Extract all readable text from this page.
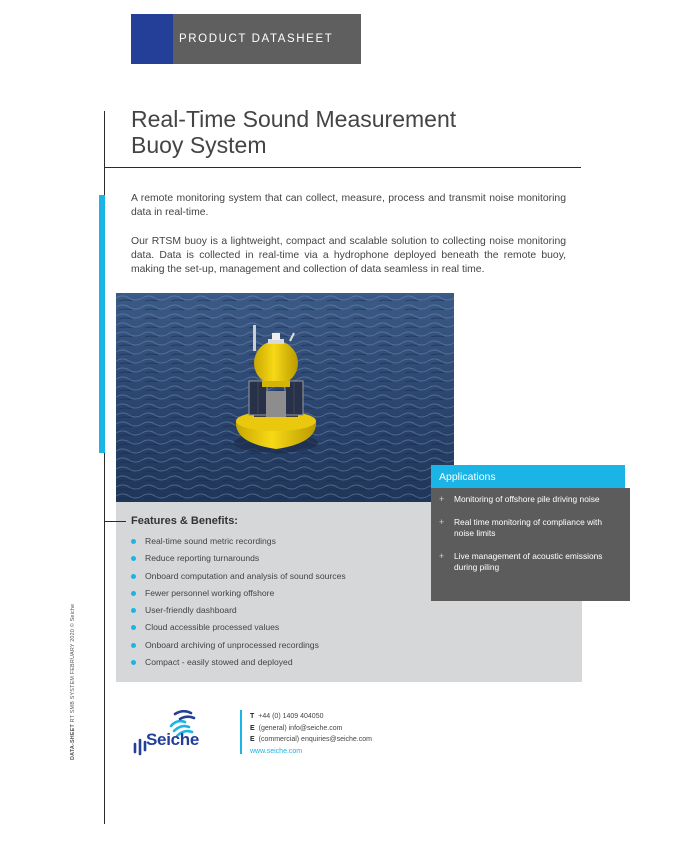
PRODUCT DATASHEET
Real-Time Sound Measurement
Buoy System

A remote monitoring system that can collect, measure, process and transmit noise monitoring data in real-time.

Our RTSM buoy is a lightweight, compact and scalable solution to collecting noise monitoring data. Data is collected in real-time via a hydrophone deployed beneath the remote buoy, making the set-up, management and collection of data seamless in real time.

Features & Benefits:
Real-time sound metric recordings
Reduce reporting turnarounds
Onboard computation and analysis of sound sources
Fewer personnel working offshore
User-friendly dashboard
Cloud accessible processed values
Onboard archiving of unprocessed recordings
Compact - easily stowed and deployed
Applications
+ Monitoring of offshore pile driving noise
+ Real time monitoring of compliance with noise limits
+ Live management of acoustic emissions during piling
DATA-SHEET RT SMB SYSTEM FEBRUARY 2020 © Seiche
Seiche
T +44 (0) 1409 404050
E (general) info@seiche.com
E (commercial) enquiries@seiche.com
www.seiche.com
